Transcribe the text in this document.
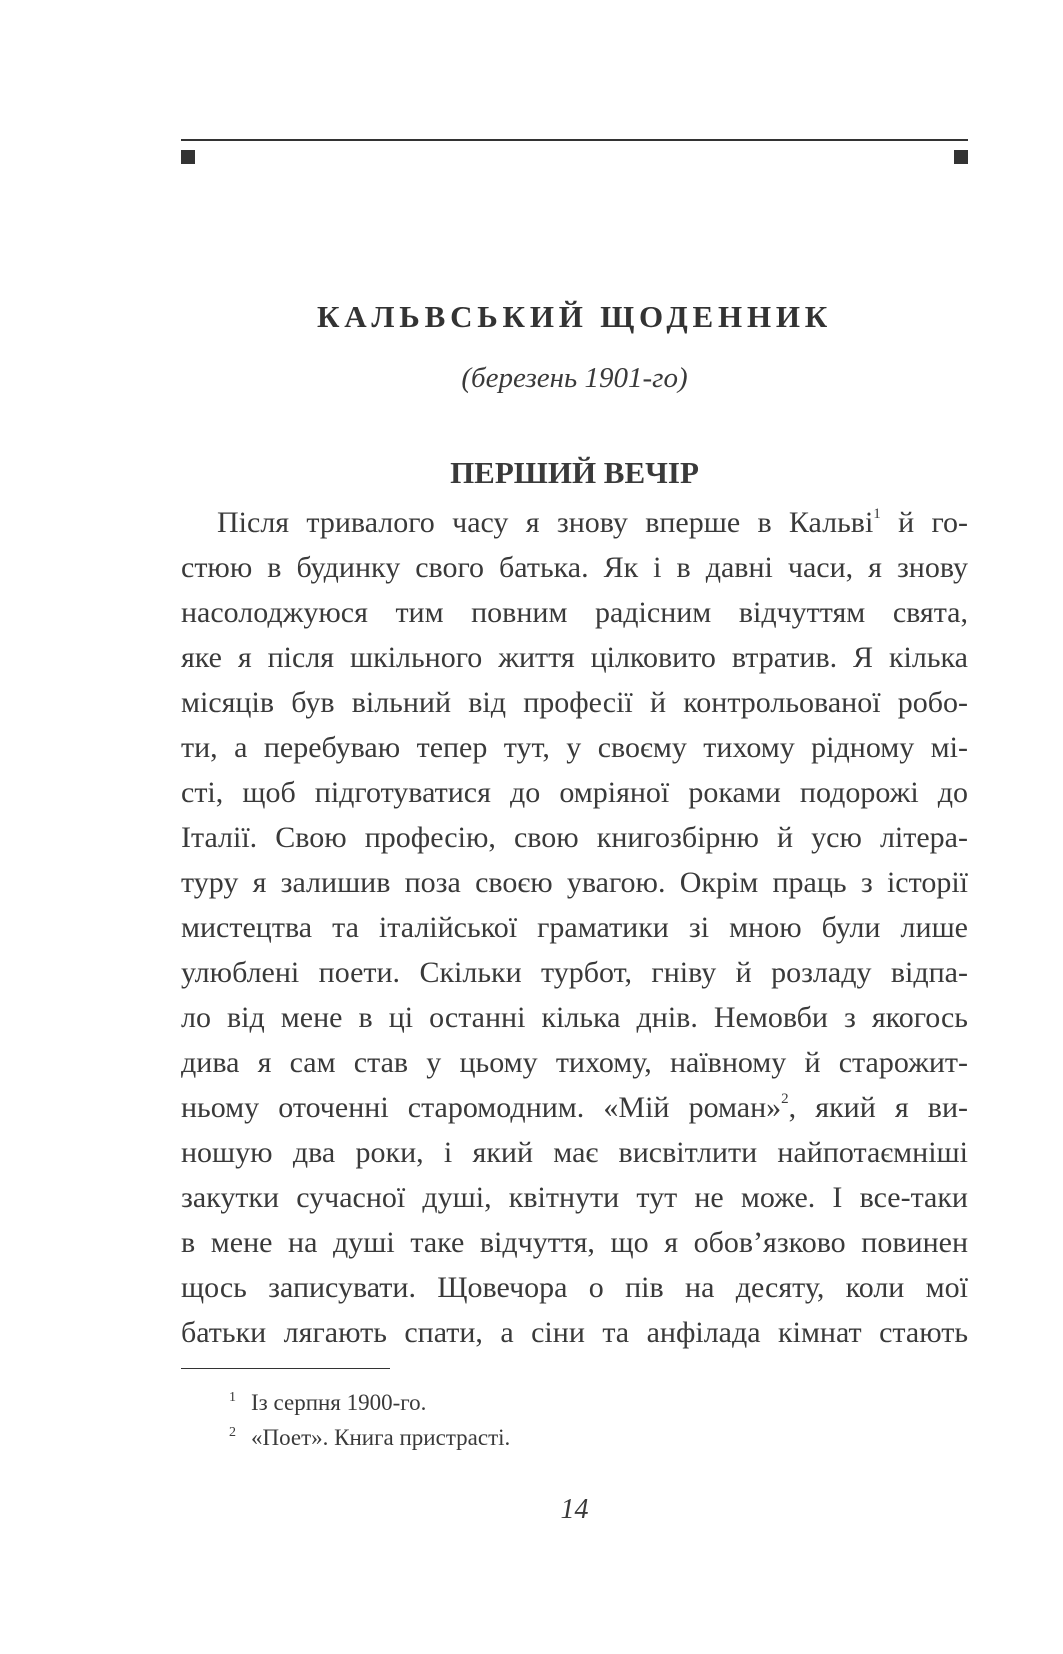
КАЛЬВСЬКИЙ ЩОДЕННИК

(березень 1901-го)

ПЕРШИЙ ВЕЧІР
Після тривалого часу я знову вперше в Кальві$^1$ й го-
стюю в будинку свого батька. Як і в давні часи, я знову
насолоджуюся тим повним радісним відчуттям свята,
яке я після шкільного життя цілковито втратив. Я кілька
місяців був вільний від професії й контрольованої робо-
ти, а перебуваю тепер тут, у своєму тихому рідному мі-
сті, щоб підготуватися до омріяної роками подорожі до
Італії. Свою професію, свою книгозбірню й усю літера-
туру я залишив поза своєю увагою. Окрім праць з історії
мистецтва та італійської граматики зі мною були лише
улюблені поети. Скільки турбот, гніву й розладу відпа-
ло від мене в ці останні кілька днів. Немовби з якогось
дива я сам став у цьому тихому, наївному й старожит-
ньому оточенні старомодним. «Мій роман»$^2$, який я ви-
ношую два роки, і який має висвітлити найпотаємніші
закутки сучасної душі, квітнути тут не може. І все-таки
в мене на душі таке відчуття, що я обов’язково повинен
щось записувати. Щовечора о пів на десяту, коли мої
батьки лягають спати, а сіни та анфілада кімнат стають
1 Із серпня 1900-го.
2 «Поет». Книга пристрасті.
14
